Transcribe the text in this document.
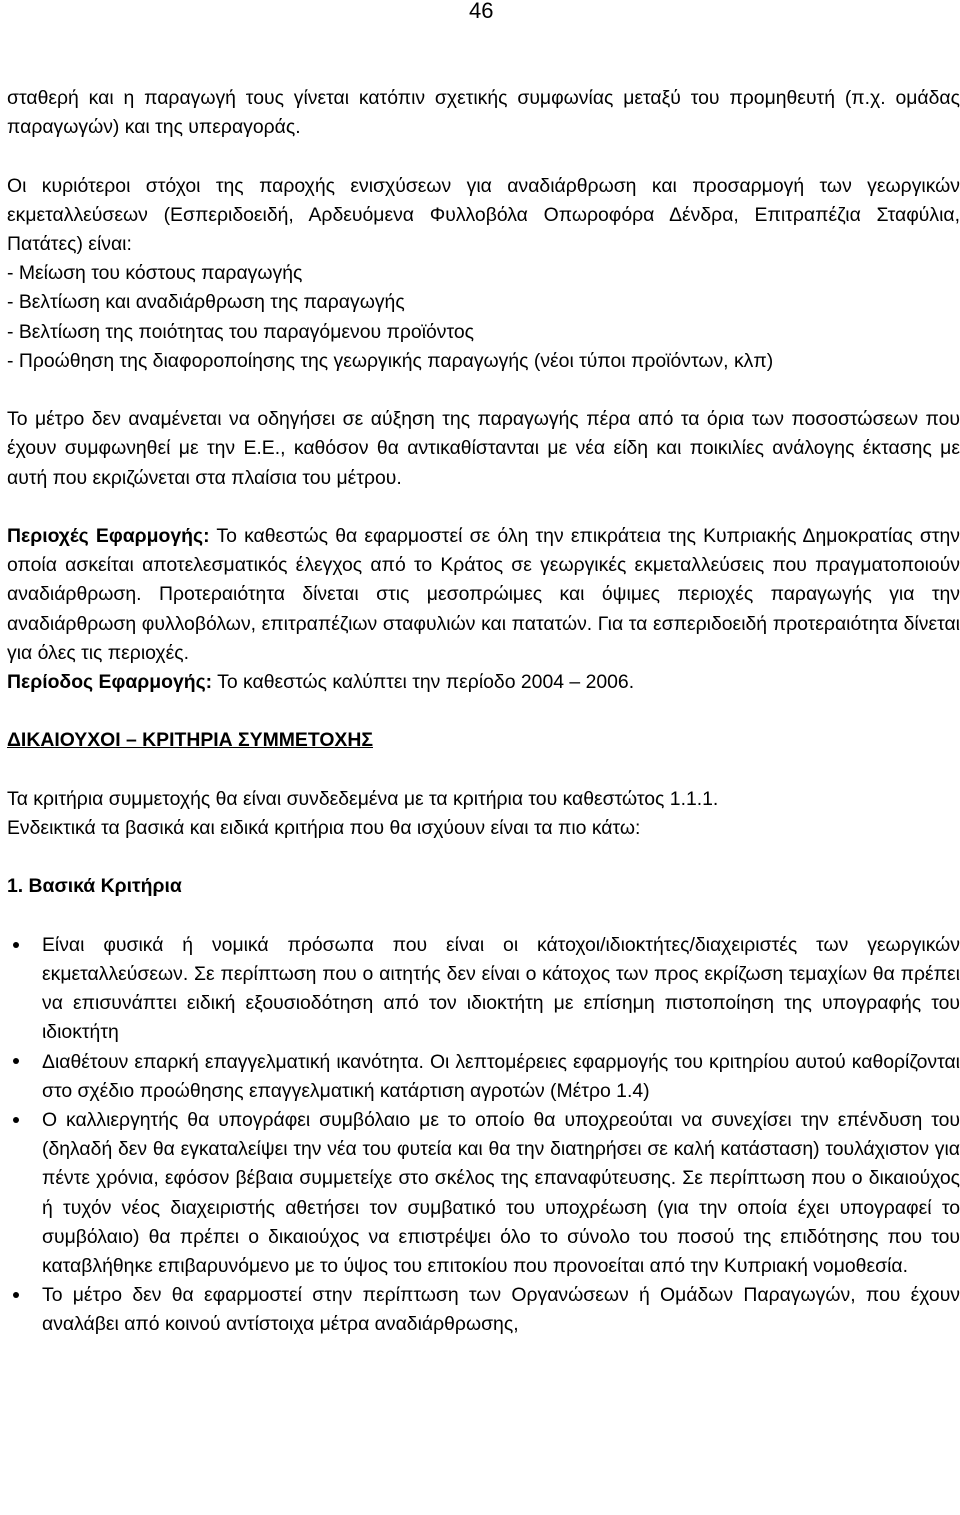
46

σταθερή και η παραγωγή τους γίνεται κατόπιν σχετικής συμφωνίας μεταξύ του προμηθευτή (π.χ. ομάδας παραγωγών) και της υπεραγοράς.

Οι κυριότεροι στόχοι της παροχής ενισχύσεων για αναδιάρθρωση και προσαρμογή των γεωργικών εκμεταλλεύσεων (Εσπεριδοειδή, Αρδευόμενα Φυλλοβόλα Οπωροφόρα Δένδρα, Επιτραπέζια Σταφύλια, Πατάτες) είναι:

- Μείωση του κόστους παραγωγής

- Βελτίωση και αναδιάρθρωση της παραγωγής

- Βελτίωση της ποιότητας του παραγόμενου προϊόντος

- Προώθηση της διαφοροποίησης της γεωργικής παραγωγής (νέοι τύποι προϊόντων, κλπ)

Το μέτρο δεν αναμένεται να οδηγήσει σε αύξηση της παραγωγής πέρα από τα όρια των ποσοστώσεων που έχουν συμφωνηθεί με την Ε.Ε., καθόσον θα αντικαθίστανται με νέα είδη και ποικιλίες ανάλογης έκτασης με αυτή που εκριζώνεται στα πλαίσια του μέτρου.

Περιοχές Εφαρμογής: Το καθεστώς θα εφαρμοστεί σε όλη την επικράτεια της Κυπριακής Δημοκρατίας στην οποία ασκείται αποτελεσματικός έλεγχος από το Κράτος σε γεωργικές εκμεταλλεύσεις που πραγματοποιούν αναδιάρθρωση. Προτεραιότητα δίνεται στις μεσοπρώιμες και όψιμες περιοχές παραγωγής για την αναδιάρθρωση φυλλοβόλων, επιτραπέζιων σταφυλιών και πατατών. Για τα εσπεριδοειδή προτεραιότητα δίνεται για όλες τις περιοχές.

Περίοδος Εφαρμογής: Το καθεστώς καλύπτει την περίοδο 2004 – 2006.

ΔΙΚΑΙΟΥΧΟΙ – ΚΡΙΤΗΡΙΑ ΣΥΜΜΕΤΟΧΗΣ

Τα κριτήρια συμμετοχής θα είναι συνδεδεμένα με τα κριτήρια του καθεστώτος 1.1.1.

Ενδεικτικά τα βασικά και ειδικά κριτήρια που θα ισχύουν είναι τα πιο κάτω:

1. Βασικά Κριτήρια

Είναι φυσικά ή νομικά πρόσωπα που είναι οι κάτοχοι/ιδιοκτήτες/διαχειριστές των γεωργικών εκμεταλλεύσεων. Σε περίπτωση που ο αιτητής δεν είναι ο κάτοχος των προς εκρίζωση τεμαχίων θα πρέπει να επισυνάπτει ειδική εξουσιοδότηση από τον ιδιοκτήτη με επίσημη πιστοποίηση της υπογραφής του ιδιοκτήτη
Διαθέτουν επαρκή επαγγελματική ικανότητα. Οι λεπτομέρειες εφαρμογής του κριτηρίου αυτού καθορίζονται στο σχέδιο προώθησης επαγγελματική κατάρτιση αγροτών (Μέτρο 1.4)
Ο καλλιεργητής θα υπογράφει συμβόλαιο με το οποίο θα υποχρεούται να συνεχίσει την επένδυση του (δηλαδή δεν θα εγκαταλείψει την νέα του φυτεία και θα την διατηρήσει σε καλή κατάσταση) τουλάχιστον για πέντε χρόνια, εφόσον βέβαια συμμετείχε στο σκέλος της επαναφύτευσης. Σε περίπτωση που ο δικαιούχος ή τυχόν νέος διαχειριστής αθετήσει τον συμβατικό του υποχρέωση (για την οποία έχει υπογραφεί το συμβόλαιο) θα πρέπει ο δικαιούχος να επιστρέψει όλο το σύνολο του ποσού της επιδότησης που του καταβλήθηκε επιβαρυνόμενο με το ύψος του επιτοκίου που προνοείται από την Κυπριακή νομοθεσία.
Το μέτρο δεν θα εφαρμοστεί στην περίπτωση των Οργανώσεων ή Ομάδων Παραγωγών, που έχουν αναλάβει από κοινού αντίστοιχα μέτρα αναδιάρθρωσης,
